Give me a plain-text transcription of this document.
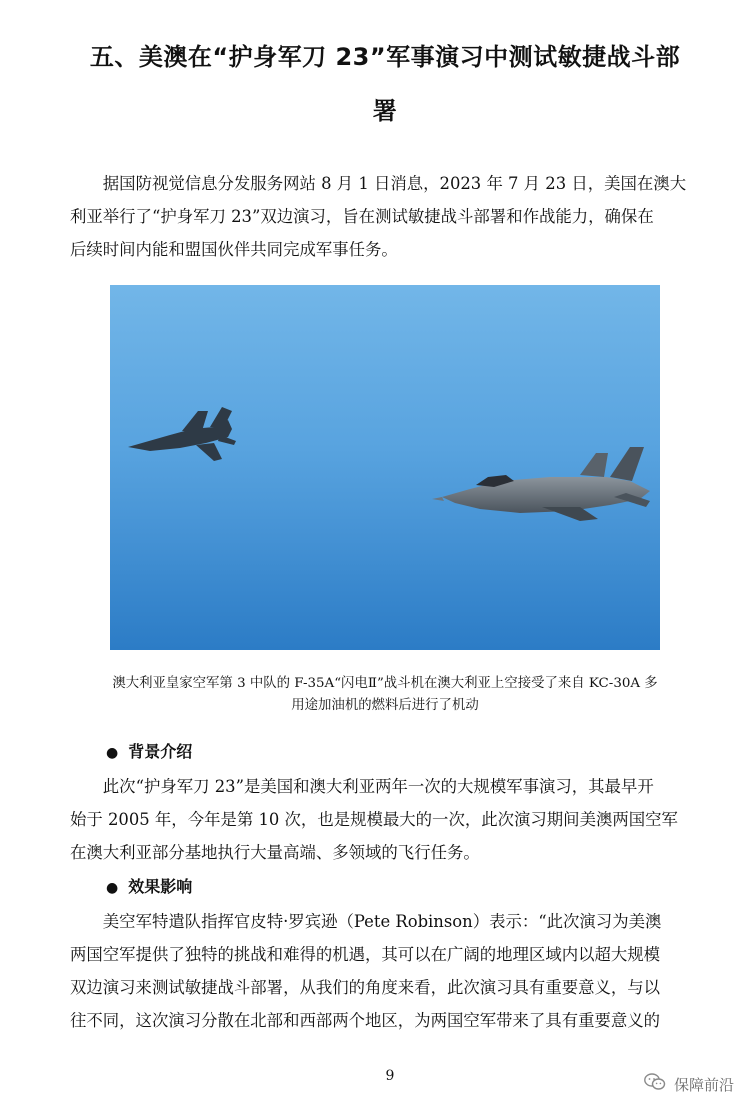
五、美澳在“护身军刀 23”军事演习中测试敏捷战斗部
署
据国防视觉信息分发服务网站 8 月 1 日消息，2023 年 7 月 23 日，美国在澳大
利亚举行了“护身军刀 23”双边演习，旨在测试敏捷战斗部署和作战能力，确保在
后续时间内能和盟国伙伴共同完成军事任务。
澳大利亚皇家空军第 3 中队的 F-35A“闪电Ⅱ”战斗机在澳大利亚上空接受了来自 KC-30A 多
用途加油机的燃料后进行了机动
● 背景介绍
此次“护身军刀 23”是美国和澳大利亚两年一次的大规模军事演习，其最早开
始于 2005 年，今年是第 10 次，也是规模最大的一次，此次演习期间美澳两国空军
在澳大利亚部分基地执行大量高端、多领域的飞行任务。
● 效果影响
美空军特遣队指挥官皮特·罗宾逊（Pete Robinson）表示：“此次演习为美澳
两国空军提供了独特的挑战和难得的机遇，其可以在广阔的地理区域内以超大规模
双边演习来测试敏捷战斗部署，从我们的角度来看，此次演习具有重要意义，与以
往不同，这次演习分散在北部和西部两个地区，为两国空军带来了具有重要意义的
9	保障前沿
